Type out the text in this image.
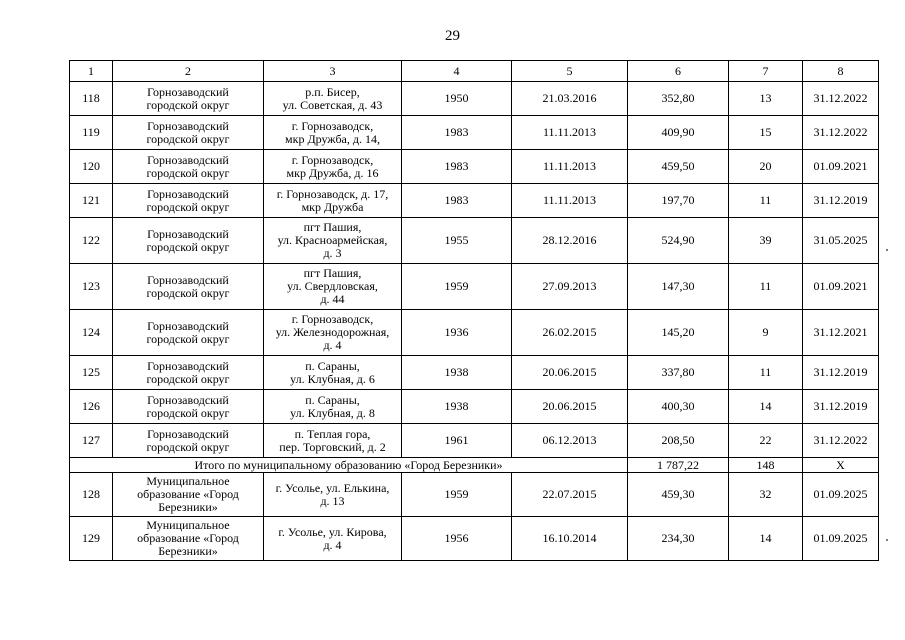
29
1	2	3	4	5	6	7	8

118	Горнозаводский
городской округ	р.п. Бисер,
ул. Советская, д. 43	1950	21.03.2016	352,80	13	31.12.2022

119	Горнозаводский
городской округ	г. Горнозаводск,
мкр Дружба, д. 14,	1983	11.11.2013	409,90	15	31.12.2022

120	Горнозаводский
городской округ	г. Горнозаводск,
мкр Дружба, д. 16	1983	11.11.2013	459,50	20	01.09.2021

121	Горнозаводский
городской округ	г. Горнозаводск, д. 17,
мкр Дружба	1983	11.11.2013	197,70	11	31.12.2019

122	Горнозаводский
городской округ	пгт Пашия,
ул. Красноармейская,
д. 3	1955	28.12.2016	524,90	39	31.05.2025

123	Горнозаводский
городской округ	пгт Пашия,
ул. Свердловская,
д. 44	1959	27.09.2013	147,30	11	01.09.2021

124	Горнозаводский
городской округ	г. Горнозаводск,
ул. Железнодорожная,
д. 4	1936	26.02.2015	145,20	9	31.12.2021

125	Горнозаводский
городской округ	п. Сараны,
ул. Клубная, д. 6	1938	20.06.2015	337,80	11	31.12.2019

126	Горнозаводский
городской округ	п. Сараны,
ул. Клубная, д. 8	1938	20.06.2015	400,30	14	31.12.2019

127	Горнозаводский
городской округ	п. Теплая гора,
пер. Торговский, д. 2	1961	06.12.2013	208,50	22	31.12.2022

Итого по муниципальному образованию «Город Березники»					1 787,22	148	X

128	Муниципальное
образование «Город
Березники»	г. Усолье, ул. Елькина,
д. 13	1959	22.07.2015	459,30	32	01.09.2025

129	Муниципальное
образование «Город
Березники»	г. Усолье, ул. Кирова,
д. 4	1956	16.10.2014	234,30	14	01.09.2025
